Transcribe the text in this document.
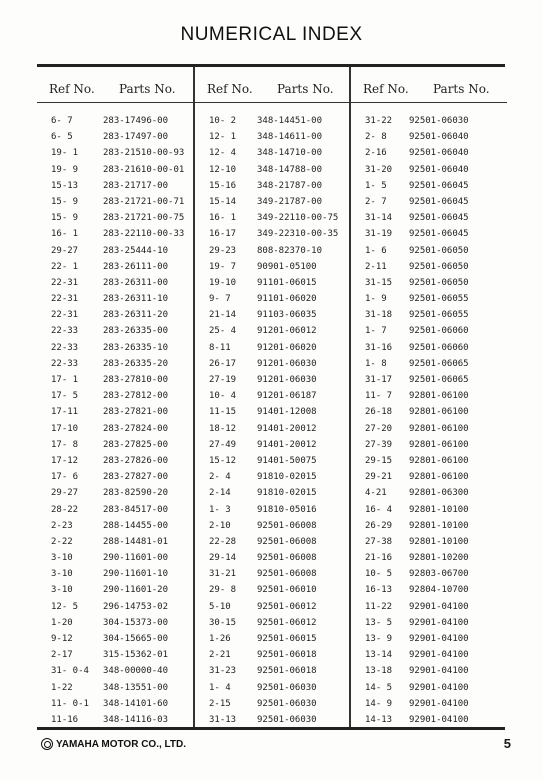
NUMERICAL INDEX
Ref No. Parts No.
6- 7	283-17496-00
6- 5	283-17497-00
19- 1	283-21510-00-93
19- 9	283-21610-00-01
15-13	283-21717-00
15- 9	283-21721-00-71
15- 9	283-21721-00-75
16- 1	283-22110-00-33
29-27	283-25444-10
22- 1	283-26111-00
22-31	283-26311-00
22-31	283-26311-10
22-31	283-26311-20
22-33	283-26335-00
22-33	283-26335-10
22-33	283-26335-20
17- 1	283-27810-00
17- 5	283-27812-00
17-11	283-27821-00
17-10	283-27824-00
17- 8	283-27825-00
17-12	283-27826-00
17- 6	283-27827-00
29-27	283-82590-20
28-22	283-84517-00
2-23	288-14455-00
2-22	288-14481-01
3-10	290-11601-00
3-10	290-11601-10
3-10	290-11601-20
12- 5	296-14753-02
1-20	304-15373-00
9-12	304-15665-00
2-17	315-15362-01
31- 0-4 348-00000-40
1-22	348-13551-00
11- 0-1 348-14101-60
11-16	348-14116-03
Ref No. Parts No.
10- 2 348-14451-00
12- 1 348-14611-00
12- 4 348-14710-00
12-10 348-14788-00
15-16 348-21787-00
15-14 349-21787-00
16- 1 349-22110-00-75
16-17 349-22310-00-35
29-23 808-82370-10
19- 7 90901-05100
19-10 91101-06015
9- 7	91101-06020
21-14 91103-06035
25- 4 91201-06012
8-11	91201-06020
26-17 91201-06030
27-19 91201-06030
10- 4 91201-06187
11-15 91401-12008
18-12 91401-20012
27-49 91401-20012
15-12 91401-50075
2- 4	91810-02015
2-14	91810-02015
1- 3	91810-05016
2-10	92501-06008
22-28 92501-06008
29-14 92501-06008
31-21 92501-06008
29- 8 92501-06010
5-10	92501-06012
30-15 92501-06012
1-26	92501-06015
2-21	92501-06018
31-23 92501-06018
1- 4	92501-06030
2-15	92501-06030
31-13 92501-06030
Ref No. Parts No.
31-22 92501-06030
2- 8 92501-06040
2-16 92501-06040
31-20 92501-06040
1- 5 92501-06045
2- 7 92501-06045
31-14 92501-06045
31-19 92501-06045
1- 6 92501-06050
2-11 92501-06050
31-15 92501-06050
1- 9 92501-06055
31-18 92501-06055
1- 7 92501-06060
31-16 92501-06060
1- 8 92501-06065
31-17 92501-06065
11- 7 92801-06100
26-18 92801-06100
27-20 92801-06100
27-39 92801-06100
29-15 92801-06100
29-21 92801-06100
4-21 92801-06300
16- 4 92801-10100
26-29 92801-10100
27-38 92801-10100
21-16 92801-10200
10- 5 92803-06700
16-13 92804-10700
11-22 92901-04100
13- 5 92901-04100
13- 9 92901-04100
13-14 92901-04100
13-18 92901-04100
14- 5 92901-04100
14- 9 92901-04100
14-13 92901-04100
YAMAHA MOTOR CO., LTD.	5
